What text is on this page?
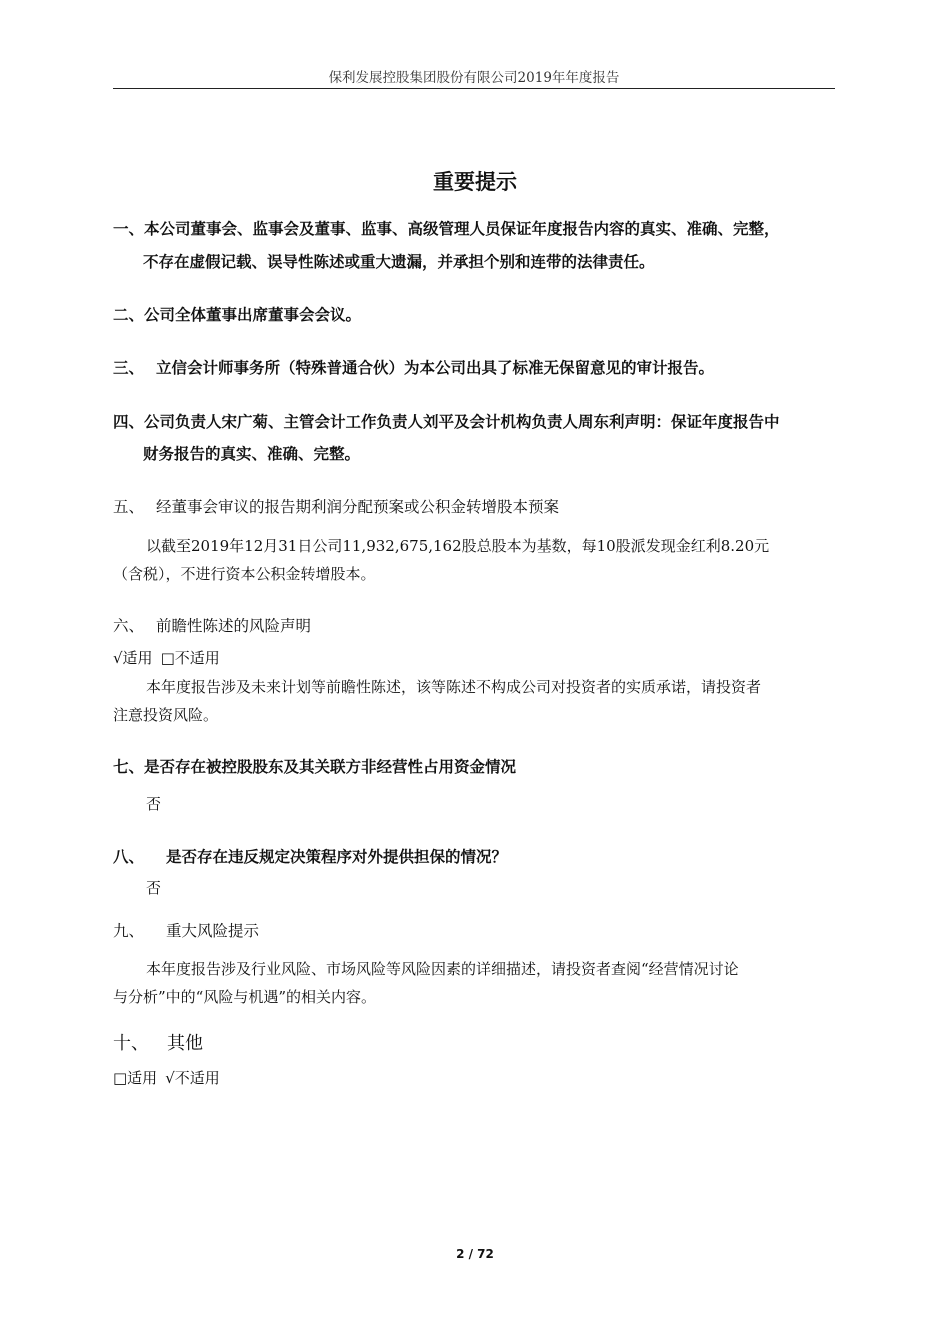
保利发展控股集团股份有限公司2019年年度报告
重要提示
一、本公司董事会、监事会及董事、监事、高级管理人员保证年度报告内容的真实、准确、完整，
不存在虚假记载、误导性陈述或重大遗漏，并承担个别和连带的法律责任。
二、公司全体董事出席董事会会议。
三、 立信会计师事务所（特殊普通合伙）为本公司出具了标准无保留意见的审计报告。
四、公司负责人宋广菊、主管会计工作负责人刘平及会计机构负责人周东利声明：保证年度报告中
财务报告的真实、准确、完整。
五、 经董事会审议的报告期利润分配预案或公积金转增股本预案
以截至2019年12月31日公司11,932,675,162股总股本为基数，每10股派发现金红利8.20元
（含税），不进行资本公积金转增股本。
六、 前瞻性陈述的风险声明
√适用 □不适用
本年度报告涉及未来计划等前瞻性陈述，该等陈述不构成公司对投资者的实质承诺，请投资者
注意投资风险。
七、是否存在被控股股东及其关联方非经营性占用资金情况
否
八、 是否存在违反规定决策程序对外提供担保的情况？
否
九、 重大风险提示
本年度报告涉及行业风险、市场风险等风险因素的详细描述，请投资者查阅“经营情况讨论
与分析”中的“风险与机遇”的相关内容。
十、 其他
□适用 √不适用
2 / 72
